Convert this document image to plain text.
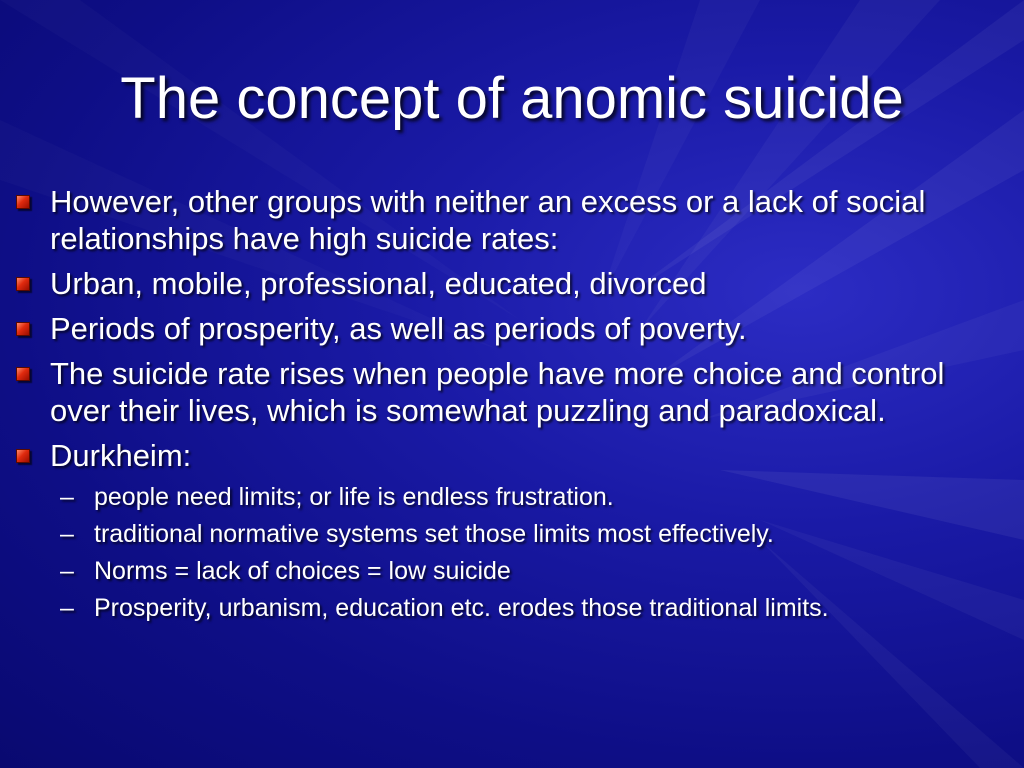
The concept of anomic suicide
However, other groups with neither an excess or a lack of social relationships have high suicide rates:
Urban, mobile, professional, educated, divorced
Periods of prosperity, as well as periods of poverty.
The suicide rate rises when people have more choice and control over their lives, which is somewhat puzzling and paradoxical.
Durkheim:
– people need limits; or life is endless frustration.
– traditional normative systems set those limits most effectively.
– Norms = lack of choices = low suicide
– Prosperity, urbanism, education etc. erodes those traditional limits.
